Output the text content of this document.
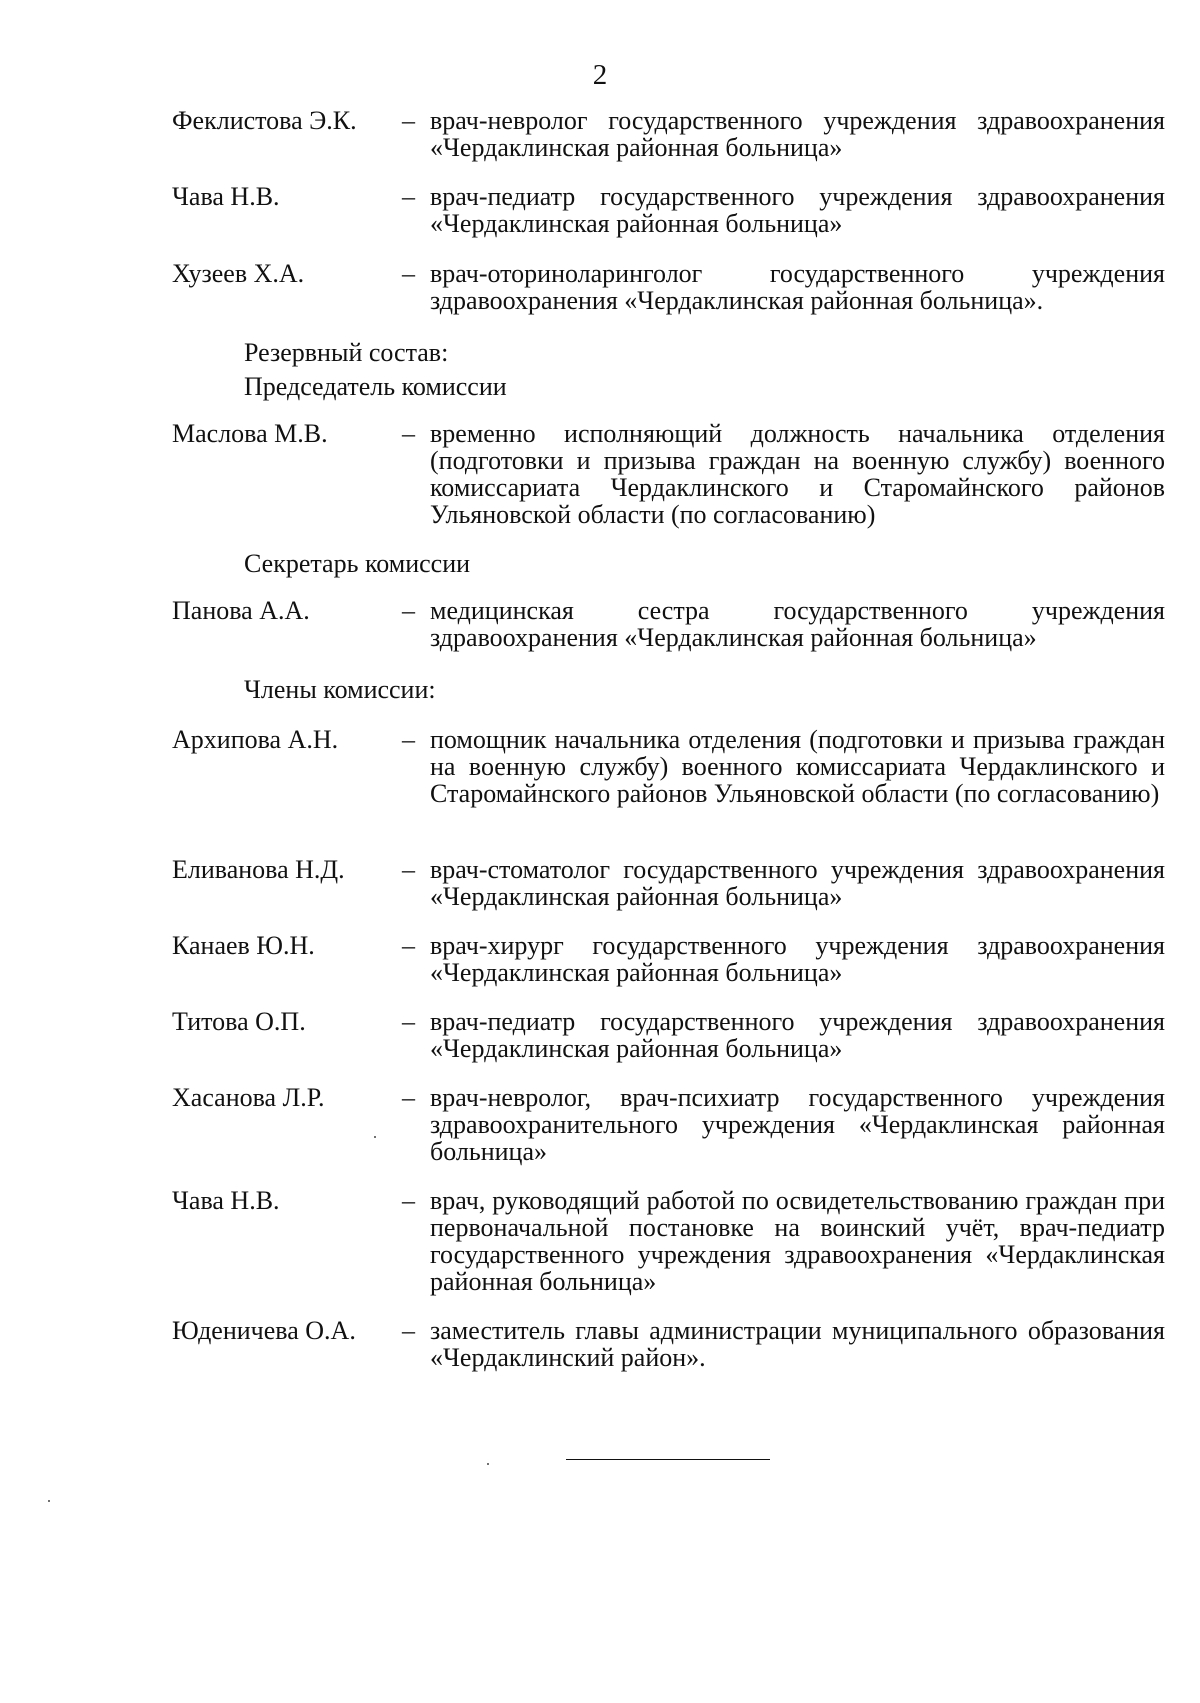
2
Феклистова Э.К. – врач-невролог государственного учреждения здравоохранения «Чердаклинская районная больница»
Чава Н.В.	– врач-педиатр государственного учреждения здравоохранения «Чердаклинская районная больница»
Хузеев Х.А.	– врач-оториноларинголог государственного учреждения здравоохранения «Чердаклинская районная больница».
Резервный состав:
Председатель комиссии
Маслова М.В.	– временно исполняющий должность начальника отделения (подготовки и призыва граждан на военную службу) военного комиссариата Чердаклинского и Старомайнского районов Ульяновской области (по согласованию)
Секретарь комиссии
Панова А.А.	– медицинская сестра государственного учреждения здравоохранения «Чердаклинская районная больница»
Члены комиссии:
Архипова А.Н. – помощник начальника отделения (подготовки и призыва граждан на военную службу) военного комиссариата Чердаклинского и Старомайнского районов Ульяновской области (по согласованию)
Еливанова Н.Д. – врач-стоматолог государственного учреждения здравоохранения «Чердаклинская районная больница»
Канаев Ю.Н.	– врач-хирург государственного учреждения здравоохранения «Чердаклинская районная больница»
Титова О.П.	– врач-педиатр государственного учреждения здравоохранения «Чердаклинская районная больница»
Хасанова Л.Р.	– врач-невролог, врач-психиатр государственного учреждения здравоохранительного учреждения «Чердаклинская районная больница»
Чава Н.В.	– врач, руководящий работой по освидетельствованию граждан при первоначальной постановке на воинский учёт, врач-педиатр государственного учреждения здравоохранения «Чердаклинская районная больница»
Юденичева О.А. – заместитель главы администрации муниципального образования «Чердаклинский район».
